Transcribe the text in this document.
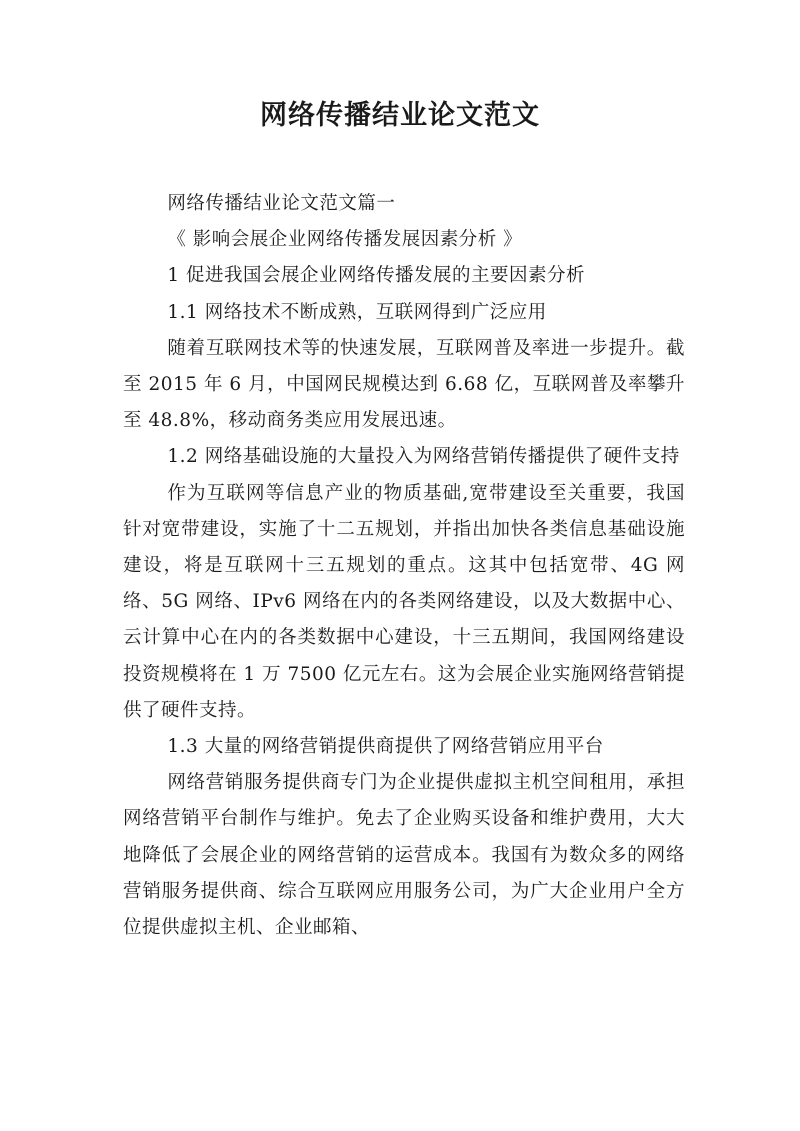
网络传播结业论文范文

网络传播结业论文范文篇一

《 影响会展企业网络传播发展因素分析 》

1 促进我国会展企业网络传播发展的主要因素分析

1.1 网络技术不断成熟，互联网得到广泛应用

随着互联网技术等的快速发展，互联网普及率进一步提升。截至 2015 年 6 月，中国网民规模达到 6.68 亿，互联网普及率攀升至 48.8%，移动商务类应用发展迅速。

1.2 网络基础设施的大量投入为网络营销传播提供了硬件支持

作为互联网等信息产业的物质基础,宽带建设至关重要，我国针对宽带建设，实施了十二五规划，并指出加快各类信息基础设施建设，将是互联网十三五规划的重点。这其中包括宽带、4G 网络、5G 网络、IPv6 网络在内的各类网络建设，以及大数据中心、云计算中心在内的各类数据中心建设，十三五期间，我国网络建设投资规模将在 1 万 7500 亿元左右。这为会展企业实施网络营销提供了硬件支持。

1.3 大量的网络营销提供商提供了网络营销应用平台

网络营销服务提供商专门为企业提供虚拟主机空间租用，承担网络营销平台制作与维护。免去了企业购买设备和维护费用，大大地降低了会展企业的网络营销的运营成本。我国有为数众多的网络营销服务提供商、综合互联网应用服务公司，为广大企业用户全方位提供虚拟主机、企业邮箱、
